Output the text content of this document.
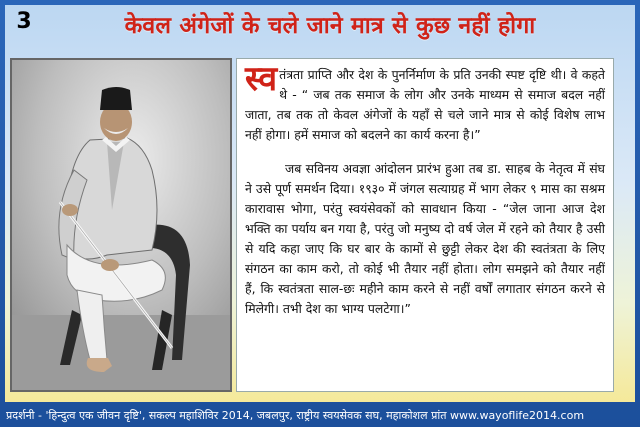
3	केवल अंगेजों के चले जाने मात्र से कुछ नहीं होगा

स्व तंत्रता प्राप्ति और देश के पुनर्निर्माण के प्रति उनकी स्पष्ट दृष्टि थी। वे कहते थे - “ जब तक समाज के लोग और उनके माध्यम से समाज बदल नहीं जाता, तब तक तो केवल अंगेजों के यहाँ से चले जाने मात्र से कोई विशेष लाभ नहीं होगा। हमें समाज को बदलने का कार्य करना है।”

जब सविनय अवज्ञा आंदोलन प्रारंभ हुआ तब डा. साहब के नेतृत्व में संघ ने उसे पूर्ण समर्थन दिया। १९३० में जंगल सत्याग्रह में भाग लेकर ९ मास का सश्रम कारावास भोगा, परंतु स्वयंसेवकों को सावधान किया - “जेल जाना आज देश भक्ति का पर्याय बन गया है, परंतु जो मनुष्य दो वर्ष जेल में रहने को तैयार है उसी से यदि कहा जाए कि घर बार के कामों से छुट्टी लेकर देश की स्वतंत्रता के लिए संगठन का काम करो, तो कोई भी तैयार नहीं होता। लोग समझने को तैयार नहीं हैं, कि स्वतंत्रता साल-छः महीने काम करने से नहीं वर्षों लगातार संगठन करने से मिलेगी। तभी देश का भाग्य पलटेगा।”

प्रदर्शनी - 'हिन्दुत्व एक जीवन दृष्टि', सकल्प महाशिविर 2014, जबलपुर, राष्ट्रीय स्वयसेवक सघ, महाकोशल प्रांत www.wayoflife2014.com
